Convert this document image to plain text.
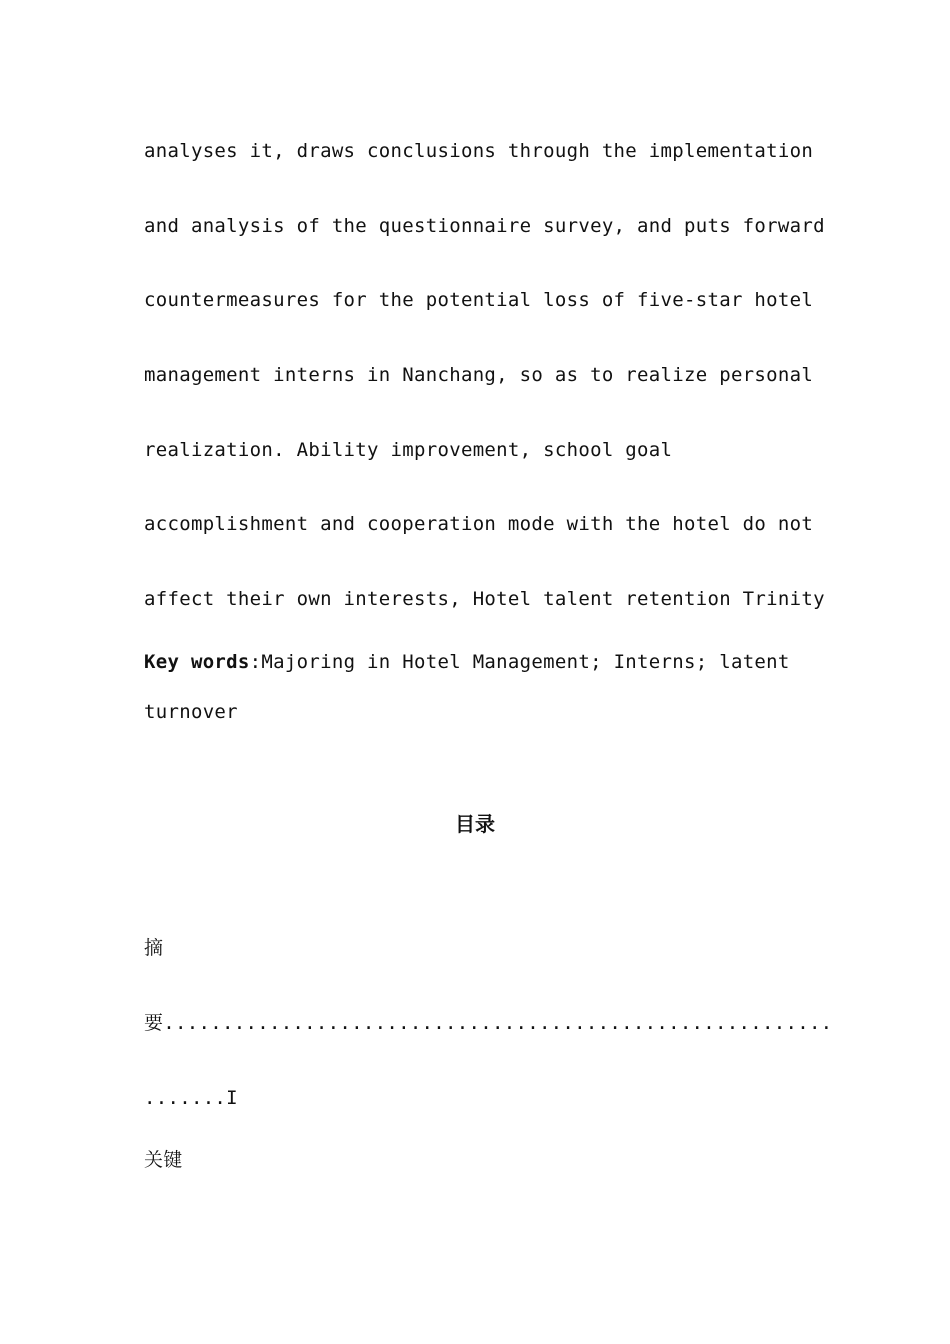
analyses it, draws conclusions through the implementation
and analysis of the questionnaire survey, and puts forward
countermeasures for the potential loss of five-star hotel
management interns in Nanchang, so as to realize personal
realization. Ability improvement, school goal
accomplishment and cooperation mode with the hotel do not
affect their own interests, Hotel talent retention Trinity
Key words:Majoring in Hotel Management; Interns; latent
turnover
目录
摘
要.........................................................
.......I
关键
